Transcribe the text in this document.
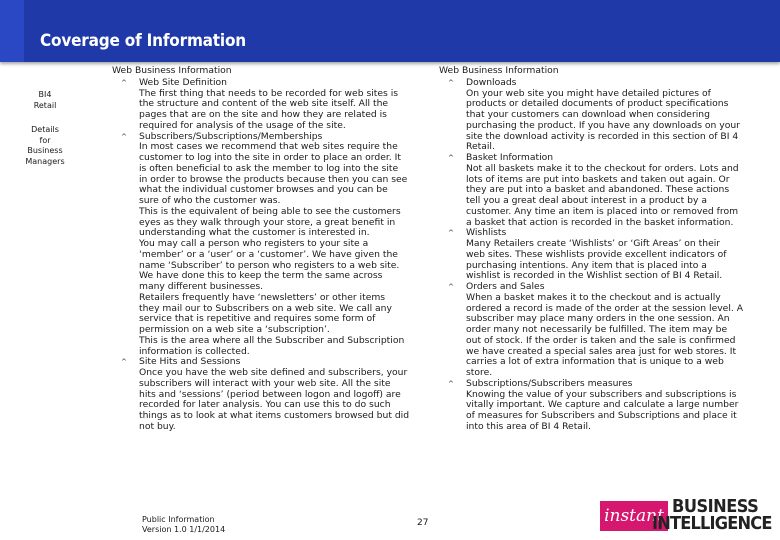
Coverage of Information
BI4
Retail
Details
for
Business
Managers
Web Business Information
^ Web Site Definition

The first thing that needs to be recorded for web sites is

the structure and content of the web site itself. All the

pages that are on the site and how they are related is

required for analysis of the usage of the site.

^ Subscribers/Subscriptions/Memberships

In most cases we recommend that web sites require the

customer to log into the site in order to place an order. It

is often beneficial to ask the member to log into the site

in order to browse the products because then you can see

what the individual customer browses and you can be

sure of who the customer was.

This is the equivalent of being able to see the customers

eyes as they walk through your store, a great benefit in

understanding what the customer is interested in.

You may call a person who registers to your site a

‘member’ or a ‘user’ or a ‘customer’. We have given the

name ‘Subscriber’ to person who registers to a web site.

We have done this to keep the term the same across

many different businesses.

Retailers frequently have ‘newsletters’ or other items

they mail our to Subscribers on a web site. We call any

service that is repetitive and requires some form of

permission on a web site a ‘subscription’.

This is the area where all the Subscriber and Subscription

information is collected.

^ Site Hits and Sessions

Once you have the web site defined and subscribers, your

subscribers will interact with your web site. All the site

hits and ‘sessions’ (period between logon and logoff) are

recorded for later analysis. You can use this to do such

things as to look at what items customers browsed but did

not buy.

Web Business Information
^ Downloads

On your web site you might have detailed pictures of

products or detailed documents of product specifications

that your customers can download when considering

purchasing the product. If you have any downloads on your

site the download activity is recorded in this section of BI 4

Retail.

^ Basket Information

Not all baskets make it to the checkout for orders. Lots and

lots of items are put into baskets and taken out again. Or

they are put into a basket and abandoned. These actions

tell you a great deal about interest in a product by a

customer. Any time an item is placed into or removed from

a basket that action is recorded in the basket information.

^ Wishlists

Many Retailers create ‘Wishlists’ or ‘Gift Areas’ on their

web sites. These wishlists provide excellent indicators of

purchasing intentions. Any item that is placed into a

wishlist is recorded in the Wishlist section of BI 4 Retail.

^ Orders and Sales

When a basket makes it to the checkout and is actually

ordered a record is made of the order at the session level. A

subscriber may place many orders in the one session. An

order many not necessarily be fulfilled. The item may be

out of stock. If the order is taken and the sale is confirmed

we have created a special sales area just for web stores. It

carries a lot of extra information that is unique to a web

store.

^ Subscriptions/Subscribers measures

Knowing the value of your subscribers and subscriptions is

vitally important. We capture and calculate a large number

of measures for Subscribers and Subscriptions and place it

into this area of BI 4 Retail.

Public Information
Version 1.0 1/1/2014
27	instant BUSINESS
INTELLIGENCE
